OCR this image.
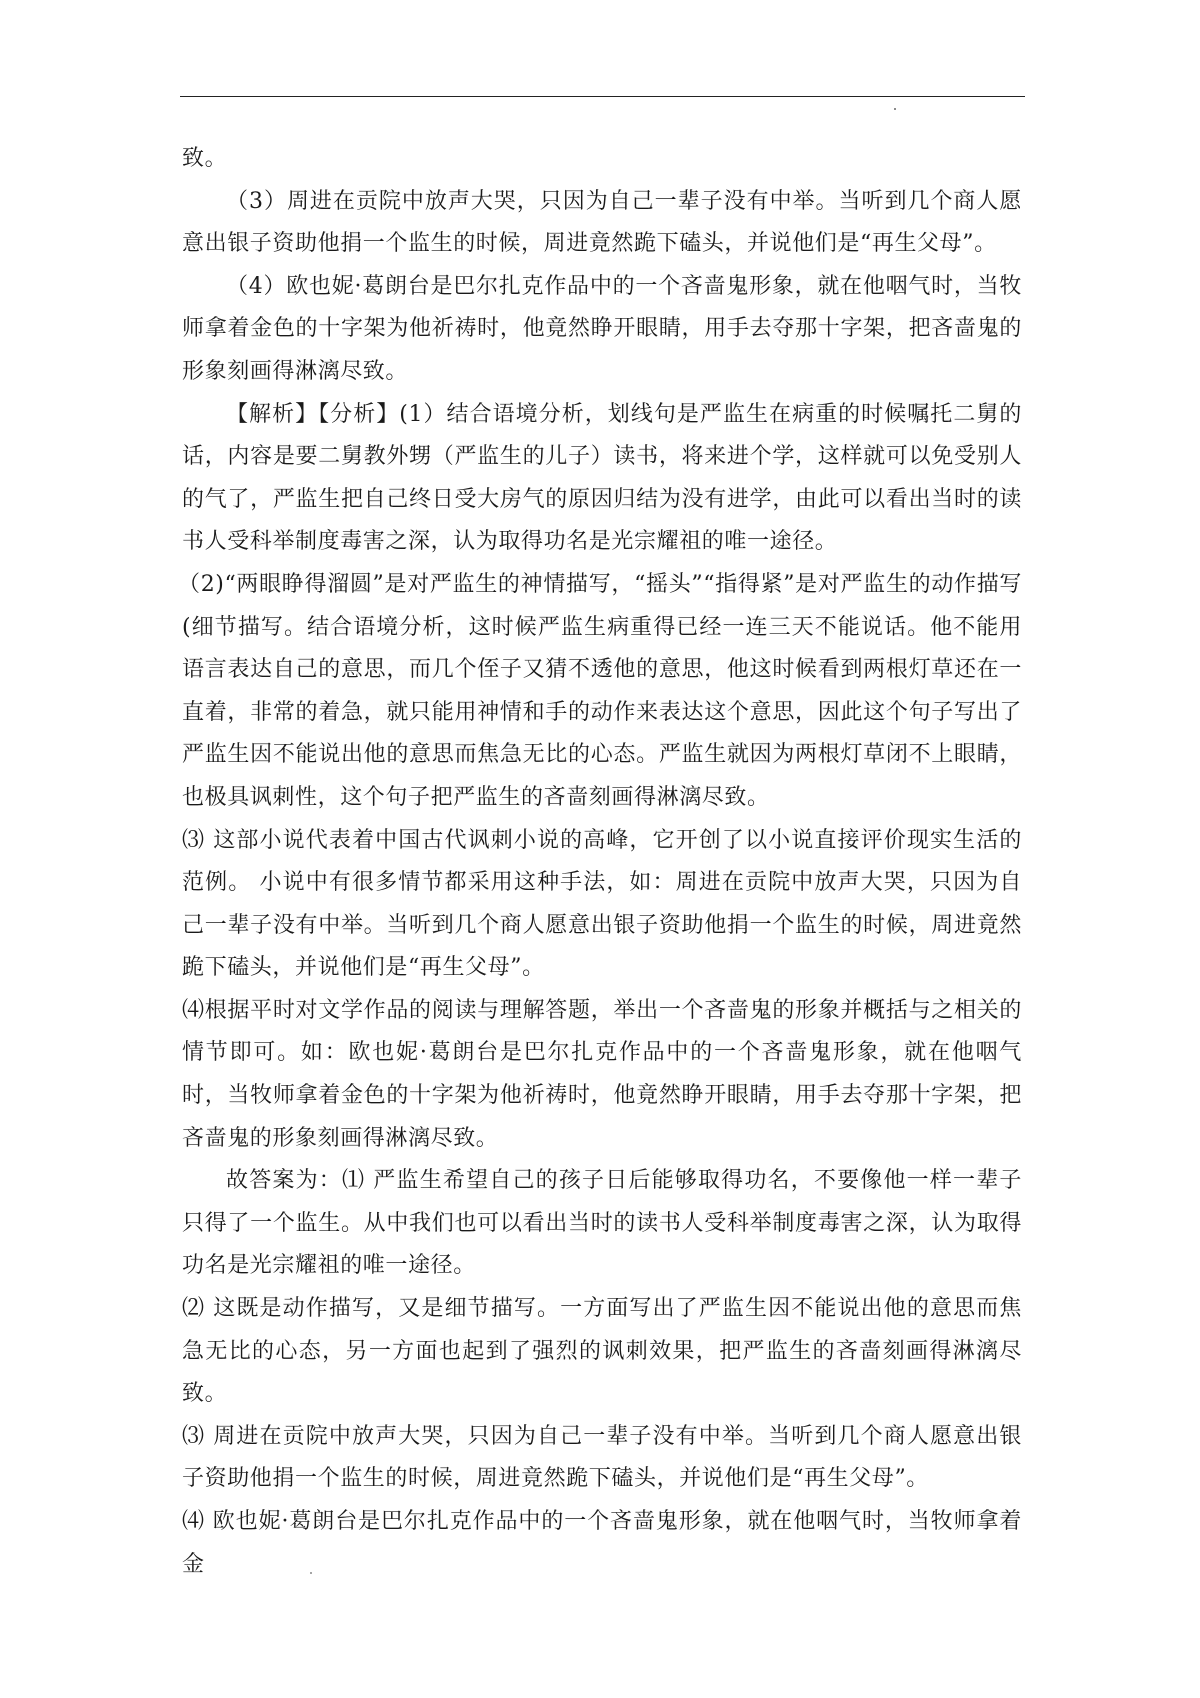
致。

（3）周进在贡院中放声大哭，只因为自己一辈子没有中举。当听到几个商人愿意出银子资助他捐一个监生的时候，周进竟然跪下磕头，并说他们是“再生父母”。

（4）欧也妮·葛朗台是巴尔扎克作品中的一个吝啬鬼形象，就在他咽气时，当牧师拿着金色的十字架为他祈祷时，他竟然睁开眼睛，用手去夺那十字架，把吝啬鬼的形象刻画得淋漓尽致。

【解析】【分析】(1）结合语境分析，划线句是严监生在病重的时候嘱托二舅的话，内容是要二舅教外甥（严监生的儿子）读书，将来进个学，这样就可以免受别人的气了，严监生把自己终日受大房气的原因归结为没有进学，由此可以看出当时的读书人受科举制度毒害之深，认为取得功名是光宗耀祖的唯一途径。

（2)“两眼睁得溜圆”是对严监生的神情描写，“摇头”“指得紧”是对严监生的动作描写(细节描写。结合语境分析，这时候严监生病重得已经一连三天不能说话。他不能用语言表达自己的意思，而几个侄子又猜不透他的意思，他这时候看到两根灯草还在一直着，非常的着急，就只能用神情和手的动作来表达这个意思，因此这个句子写出了严监生因不能说出他的意思而焦急无比的心态。严监生就因为两根灯草闭不上眼睛，也极具讽刺性，这个句子把严监生的吝啬刻画得淋漓尽致。

⑶ 这部小说代表着中国古代讽刺小说的高峰，它开创了以小说直接评价现实生活的范例。 小说中有很多情节都采用这种手法，如：周进在贡院中放声大哭，只因为自己一辈子没有中举。当听到几个商人愿意出银子资助他捐一个监生的时候，周进竟然跪下磕头，并说他们是“再生父母”。

⑷根据平时对文学作品的阅读与理解答题，举出一个吝啬鬼的形象并概括与之相关的情节即可。如：欧也妮·葛朗台是巴尔扎克作品中的一个吝啬鬼形象，就在他咽气时，当牧师拿着金色的十字架为他祈祷时，他竟然睁开眼睛，用手去夺那十字架，把吝啬鬼的形象刻画得淋漓尽致。

故答案为：⑴ 严监生希望自己的孩子日后能够取得功名，不要像他一样一辈子只得了一个监生。从中我们也可以看出当时的读书人受科举制度毒害之深，认为取得功名是光宗耀祖的唯一途径。

⑵ 这既是动作描写，又是细节描写。一方面写出了严监生因不能说出他的意思而焦急无比的心态，另一方面也起到了强烈的讽刺效果，把严监生的吝啬刻画得淋漓尽致。

⑶ 周进在贡院中放声大哭，只因为自己一辈子没有中举。当听到几个商人愿意出银子资助他捐一个监生的时候，周进竟然跪下磕头，并说他们是“再生父母”。

⑷ 欧也妮·葛朗台是巴尔扎克作品中的一个吝啬鬼形象，就在他咽气时，当牧师拿着金
